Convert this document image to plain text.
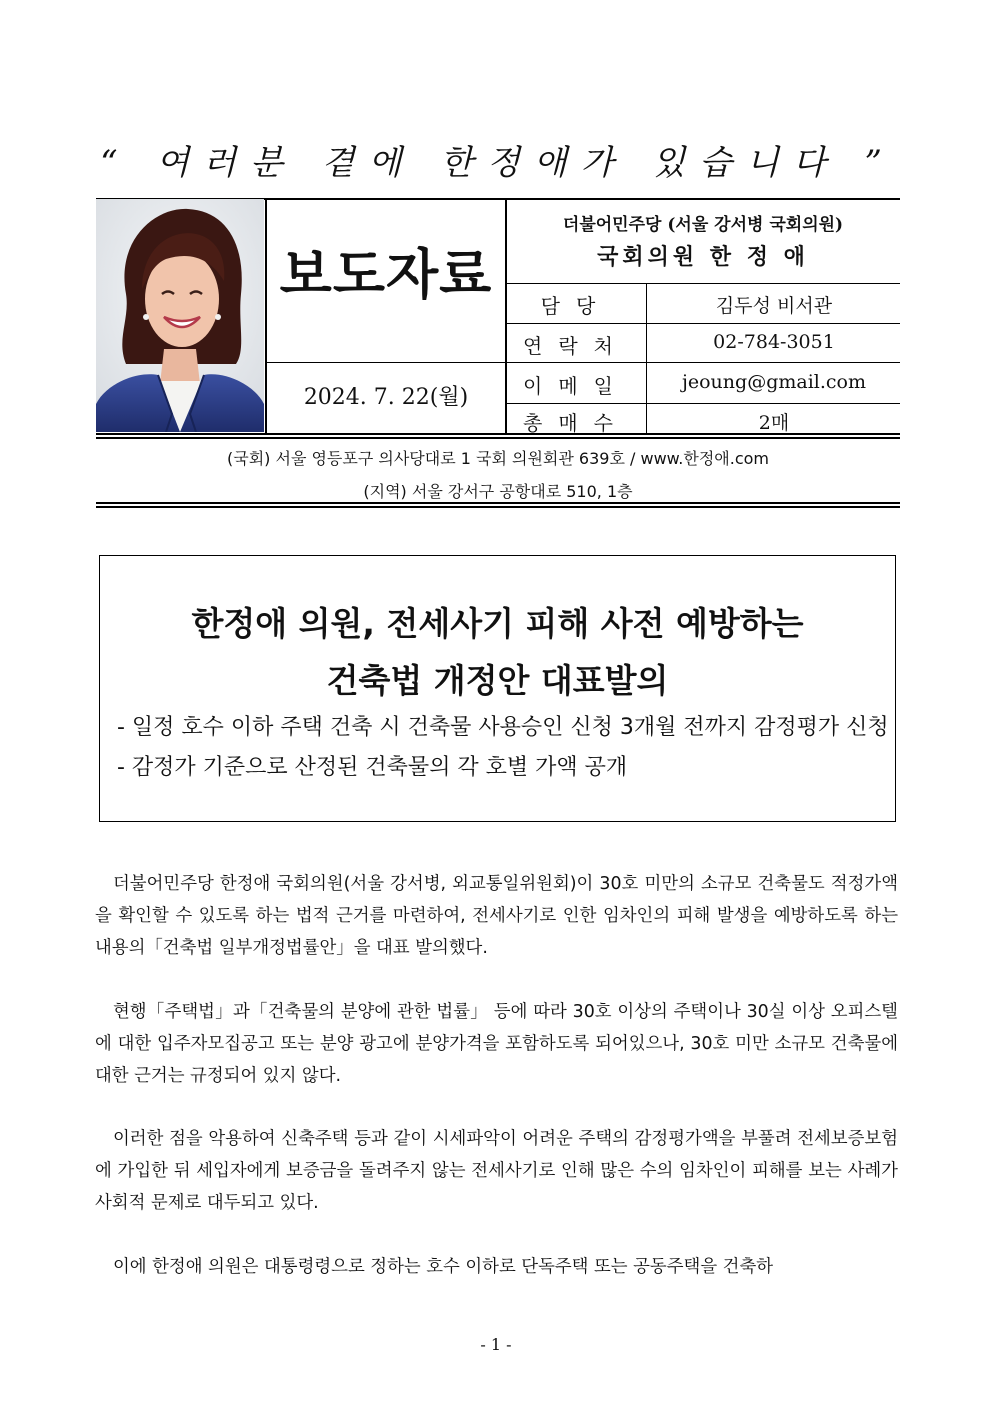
“ 여러분 곁에 한정애가 있습니다 ”
보도자료
2024. 7. 22(월)
더불어민주당 (서울 강서병 국회의원)
국회의원 한 정 애
담당	김두성 비서관
연락처	02-784-3051
이메일	jeoung@gmail.com
총매수	2매
(국회) 서울 영등포구 의사당대로 1 국회 의원회관 639호 / www.한정애.com
(지역) 서울 강서구 공항대로 510, 1층
한정애 의원, 전세사기 피해 사전 예방하는
건축법 개정안 대표발의
- 일정 호수 이하 주택 건축 시 건축물 사용승인 신청 3개월 전까지 감정평가 신청
- 감정가 기준으로 산정된 건축물의 각 호별 가액 공개
더불어민주당 한정애 국회의원(서울 강서병, 외교통일위원회)이 30호 미만의 소규모 건축물도 적정가액을 확인할 수 있도록 하는 법적 근거를 마련하여, 전세사기로 인한 임차인의 피해 발생을 예방하도록 하는 내용의「건축법 일부개정법률안」을 대표 발의했다.
현행「주택법」과「건축물의 분양에 관한 법률」 등에 따라 30호 이상의 주택이나 30실 이상 오피스텔에 대한 입주자모집공고 또는 분양 광고에 분양가격을 포함하도록 되어있으나, 30호 미만 소규모 건축물에 대한 근거는 규정되어 있지 않다.
이러한 점을 악용하여 신축주택 등과 같이 시세파악이 어려운 주택의 감정평가액을 부풀려 전세보증보험에 가입한 뒤 세입자에게 보증금을 돌려주지 않는 전세사기로 인해 많은 수의 임차인이 피해를 보는 사례가 사회적 문제로 대두되고 있다.
이에 한정애 의원은 대통령령으로 정하는 호수 이하로 단독주택 또는 공동주택을 건축하
- 1 -
